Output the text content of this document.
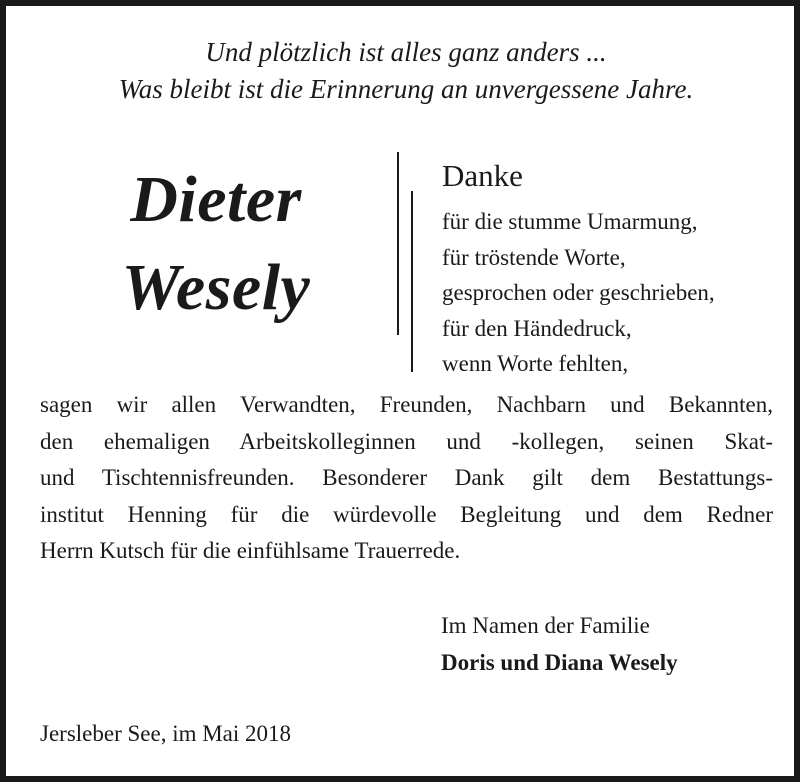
Und plötzlich ist alles ganz anders ...
Was bleibt ist die Erinnerung an unvergessene Jahre.
Dieter
Wesely
Danke
für die stumme Umarmung,
für tröstende Worte,
gesprochen oder geschrieben,
für den Händedruck,
wenn Worte fehlten,
sagen wir allen Verwandten, Freunden, Nachbarn und Bekannten,
den ehemaligen Arbeitskolleginnen und -kollegen, seinen Skat-
und Tischtennisfreunden. Besonderer Dank gilt dem Bestattungs-
institut Henning für die würdevolle Begleitung und dem Redner
Herrn Kutsch für die einfühlsame Trauerrede.
Im Namen der Familie
Doris und Diana Wesely
Jersleber See, im Mai 2018
